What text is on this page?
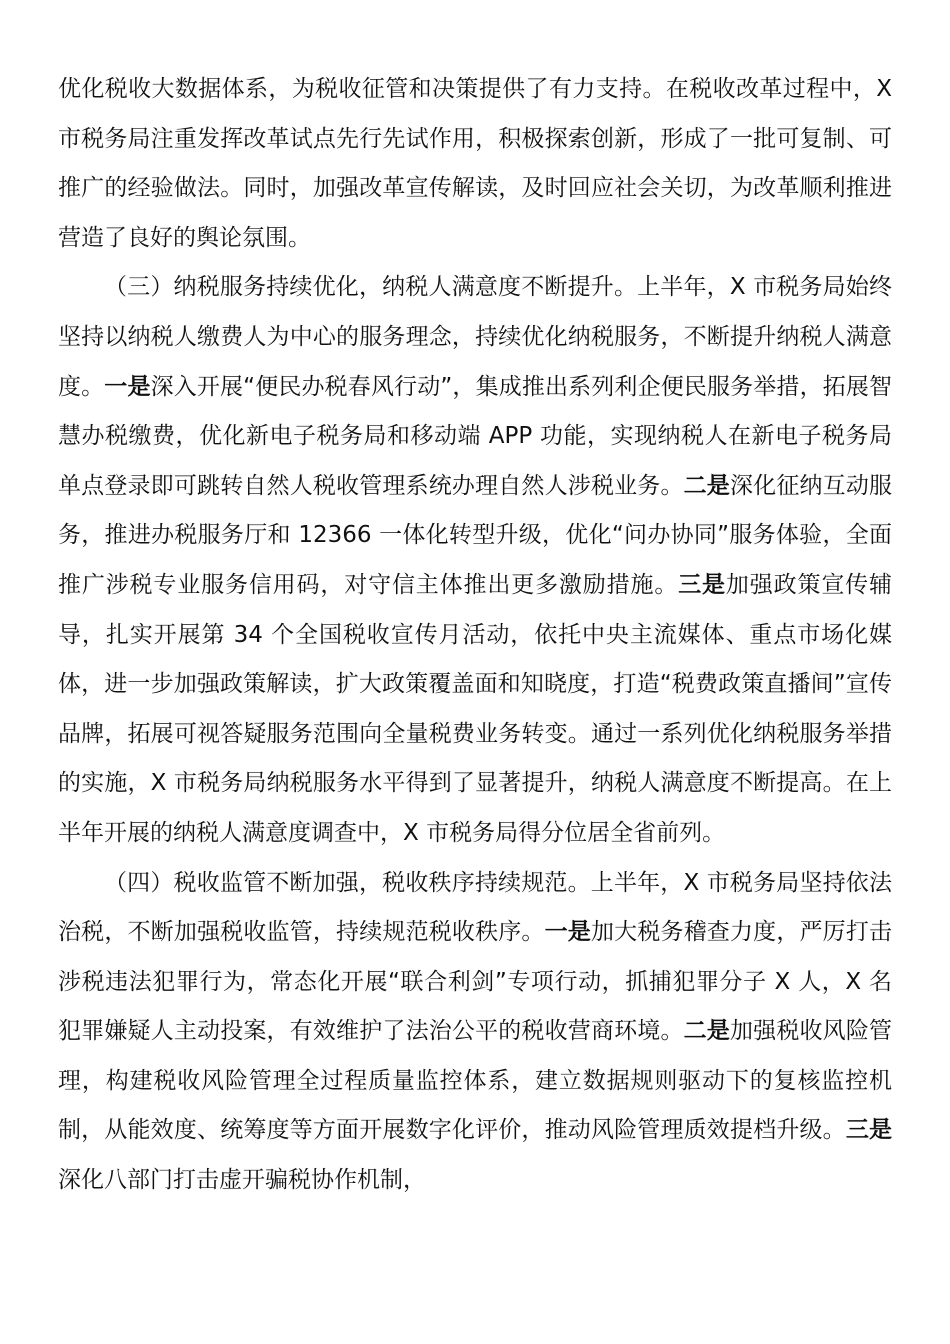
优化税收大数据体系，为税收征管和决策提供了有力支持。在税收改革过程中，X 市税务局注重发挥改革试点先行先试作用，积极探索创新，形成了一批可复制、可推广的经验做法。同时，加强改革宣传解读，及时回应社会关切，为改革顺利推进营造了良好的舆论氛围。

（三）纳税服务持续优化，纳税人满意度不断提升。上半年，X 市税务局始终坚持以纳税人缴费人为中心的服务理念，持续优化纳税服务，不断提升纳税人满意度。一是深入开展“便民办税春风行动”，集成推出系列利企便民服务举措，拓展智慧办税缴费，优化新电子税务局和移动端 APP 功能，实现纳税人在新电子税务局单点登录即可跳转自然人税收管理系统办理自然人涉税业务。二是深化征纳互动服务，推进办税服务厅和 12366 一体化转型升级，优化“问办协同”服务体验，全面推广涉税专业服务信用码，对守信主体推出更多激励措施。三是加强政策宣传辅导，扎实开展第 34 个全国税收宣传月活动，依托中央主流媒体、重点市场化媒体，进一步加强政策解读，扩大政策覆盖面和知晓度，打造“税费政策直播间”宣传品牌，拓展可视答疑服务范围向全量税费业务转变。通过一系列优化纳税服务举措的实施，X 市税务局纳税服务水平得到了显著提升，纳税人满意度不断提高。在上半年开展的纳税人满意度调查中，X 市税务局得分位居全省前列。

（四）税收监管不断加强，税收秩序持续规范。上半年，X 市税务局坚持依法治税，不断加强税收监管，持续规范税收秩序。一是加大税务稽查力度，严厉打击涉税违法犯罪行为，常态化开展“联合利剑”专项行动，抓捕犯罪分子 X 人，X 名犯罪嫌疑人主动投案，有效维护了法治公平的税收营商环境。二是加强税收风险管理，构建税收风险管理全过程质量监控体系，建立数据规则驱动下的复核监控机制，从能效度、统筹度等方面开展数字化评价，推动风险管理质效提档升级。三是深化八部门打击虚开骗税协作机制，
